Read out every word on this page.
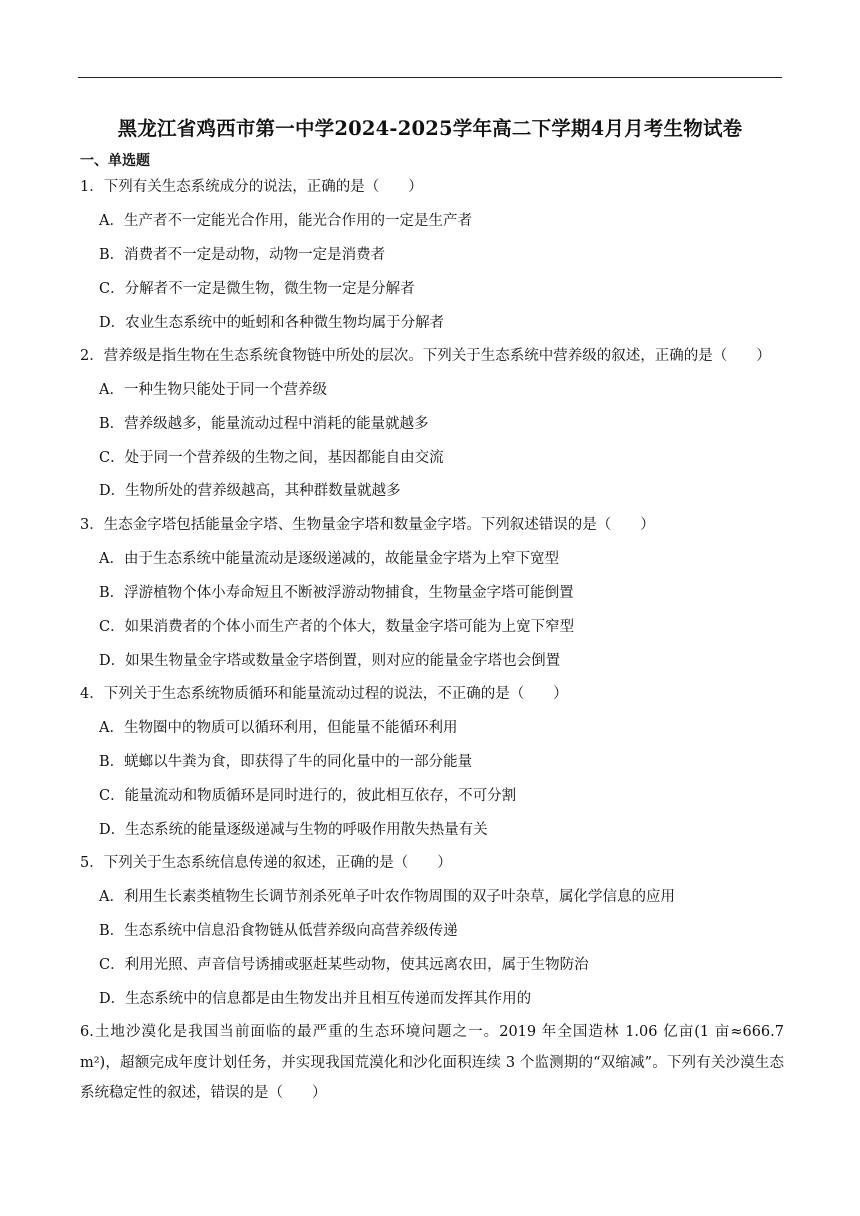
黑龙江省鸡西市第一中学2024-2025学年高二下学期4月月考生物试卷
一、单选题
1．下列有关生态系统成分的说法，正确的是（　　）
A．生产者不一定能光合作用，能光合作用的一定是生产者
B．消费者不一定是动物，动物一定是消费者
C．分解者不一定是微生物，微生物一定是分解者
D．农业生态系统中的蚯蚓和各种微生物均属于分解者
2．营养级是指生物在生态系统食物链中所处的层次。下列关于生态系统中营养级的叙述，正确的是（　　）
A．一种生物只能处于同一个营养级
B．营养级越多，能量流动过程中消耗的能量就越多
C．处于同一个营养级的生物之间，基因都能自由交流
D．生物所处的营养级越高，其种群数量就越多
3．生态金字塔包括能量金字塔、生物量金字塔和数量金字塔。下列叙述错误的是（　　）
A．由于生态系统中能量流动是逐级递减的，故能量金字塔为上窄下宽型
B．浮游植物个体小寿命短且不断被浮游动物捕食，生物量金字塔可能倒置
C．如果消费者的个体小而生产者的个体大，数量金字塔可能为上宽下窄型
D．如果生物量金字塔或数量金字塔倒置，则对应的能量金字塔也会倒置
4．下列关于生态系统物质循环和能量流动过程的说法，不正确的是（　　）
A．生物圈中的物质可以循环利用，但能量不能循环利用
B．蜣螂以牛粪为食，即获得了牛的同化量中的一部分能量
C．能量流动和物质循环是同时进行的，彼此相互依存，不可分割
D．生态系统的能量逐级递减与生物的呼吸作用散失热量有关
5．下列关于生态系统信息传递的叙述，正确的是（　　）
A．利用生长素类植物生长调节剂杀死单子叶农作物周围的双子叶杂草，属化学信息的应用
B．生态系统中信息沿食物链从低营养级向高营养级传递
C．利用光照、声音信号诱捕或驱赶某些动物，使其远离农田，属于生物防治
D．生态系统中的信息都是由生物发出并且相互传递而发挥其作用的
6.土地沙漠化是我国当前面临的最严重的生态环境问题之一。2019 年全国造林 1.06 亿亩(1 亩≈666.7 m²)，超额完成年度计划任务，并实现我国荒漠化和沙化面积连续 3 个监测期的“双缩减”。下列有关沙漠生态系统稳定性的叙述，错误的是（　　）
